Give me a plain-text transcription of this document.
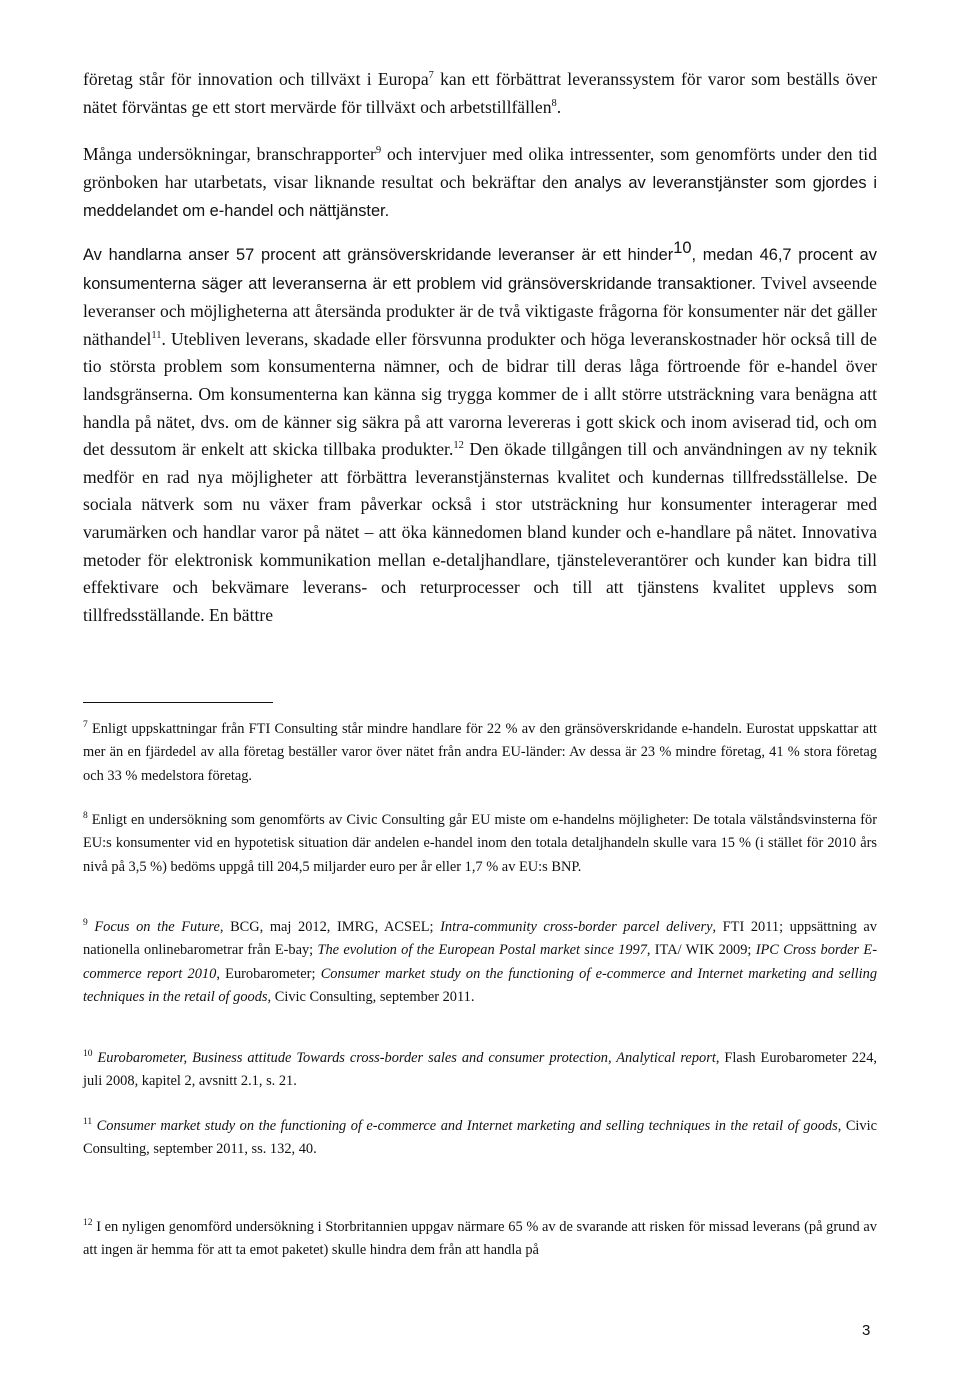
företag står för innovation och tillväxt i Europa$^7$ kan ett förbättrat leveranssystem för varor som beställs över nätet förväntas ge ett stort mervärde för tillväxt och arbetstillfällen$^8$.

Många undersökningar, branschrapporter$^9$ och intervjuer med olika intressenter, som genomförts under den tid grönboken har utarbetats, visar liknande resultat och bekräftar den analys av leveranstjänster som gjordes i meddelandet om e-handel och nättjänster.

Av handlarna anser 57 procent att gränsöverskridande leveranser är ett hinder$^{10}$, medan 46,7 procent av konsumenterna säger att leveranserna är ett problem vid gränsöverskridande transaktioner. Tvivel avseende leveranser och möjligheterna att återsända produkter är de två viktigaste frågorna för konsumenter när det gäller näthandel$^{11}$. Utebliven leverans, skadade eller försvunna produkter och höga leveranskostnader hör också till de tio största problem som konsumenterna nämner, och de bidrar till deras låga förtroende för e-handel över landsgränserna. Om konsumenterna kan känna sig trygga kommer de i allt större utsträckning vara benägna att handla på nätet, dvs. om de känner sig säkra på att varorna levereras i gott skick och inom aviserad tid, och om det dessutom är enkelt att skicka tillbaka produkter.$^{12}$ Den ökade tillgången till och användningen av ny teknik medför en rad nya möjligheter att förbättra leveranstjänsternas kvalitet och kundernas tillfredsställelse. De sociala nätverk som nu växer fram påverkar också i stor utsträckning hur konsumenter interagerar med varumärken och handlar varor på nätet – att öka kännedomen bland kunder och e-handlare på nätet. Innovativa metoder för elektronisk kommunikation mellan e-detaljhandlare, tjänsteleverantörer och kunder kan bidra till effektivare och bekvämare leverans- och returprocesser och till att tjänstens kvalitet upplevs som tillfredsställande. En bättre

$^7$ Enligt uppskattningar från FTI Consulting står mindre handlare för 22 % av den gränsöverskridande e-handeln. Eurostat uppskattar att mer än en fjärdedel av alla företag beställer varor över nätet från andra EU-länder: Av dessa är 23 % mindre företag, 41 % stora företag och 33 % medelstora företag.

$^8$ Enligt en undersökning som genomförts av Civic Consulting går EU miste om e-handelns möjligheter: De totala välståndsvinsterna för EU:s konsumenter vid en hypotetisk situation där andelen e-handel inom den totala detaljhandeln skulle vara 15 % (i stället för 2010 års nivå på 3,5 %) bedöms uppgå till 204,5 miljarder euro per år eller 1,7 % av EU:s BNP.

$^9$ Focus on the Future, BCG, maj 2012, IMRG, ACSEL; Intra-community cross-border parcel delivery, FTI 2011; uppsättning av nationella onlinebarometrar från E-bay; The evolution of the European Postal market since 1997, ITA/ WIK 2009; IPC Cross border E-commerce report 2010, Eurobarometer; Consumer market study on the functioning of e-commerce and Internet marketing and selling techniques in the retail of goods, Civic Consulting, september 2011.

$^{10}$ Eurobarometer, Business attitude Towards cross-border sales and consumer protection, Analytical report, Flash Eurobarometer 224, juli 2008, kapitel 2, avsnitt 2.1, s. 21.

$^{11}$ Consumer market study on the functioning of e-commerce and Internet marketing and selling techniques in the retail of goods, Civic Consulting, september 2011, ss. 132, 40.

$^{12}$ I en nyligen genomförd undersökning i Storbritannien uppgav närmare 65 % av de svarande att risken för missad leverans (på grund av att ingen är hemma för att ta emot paketet) skulle hindra dem från att handla på

3
